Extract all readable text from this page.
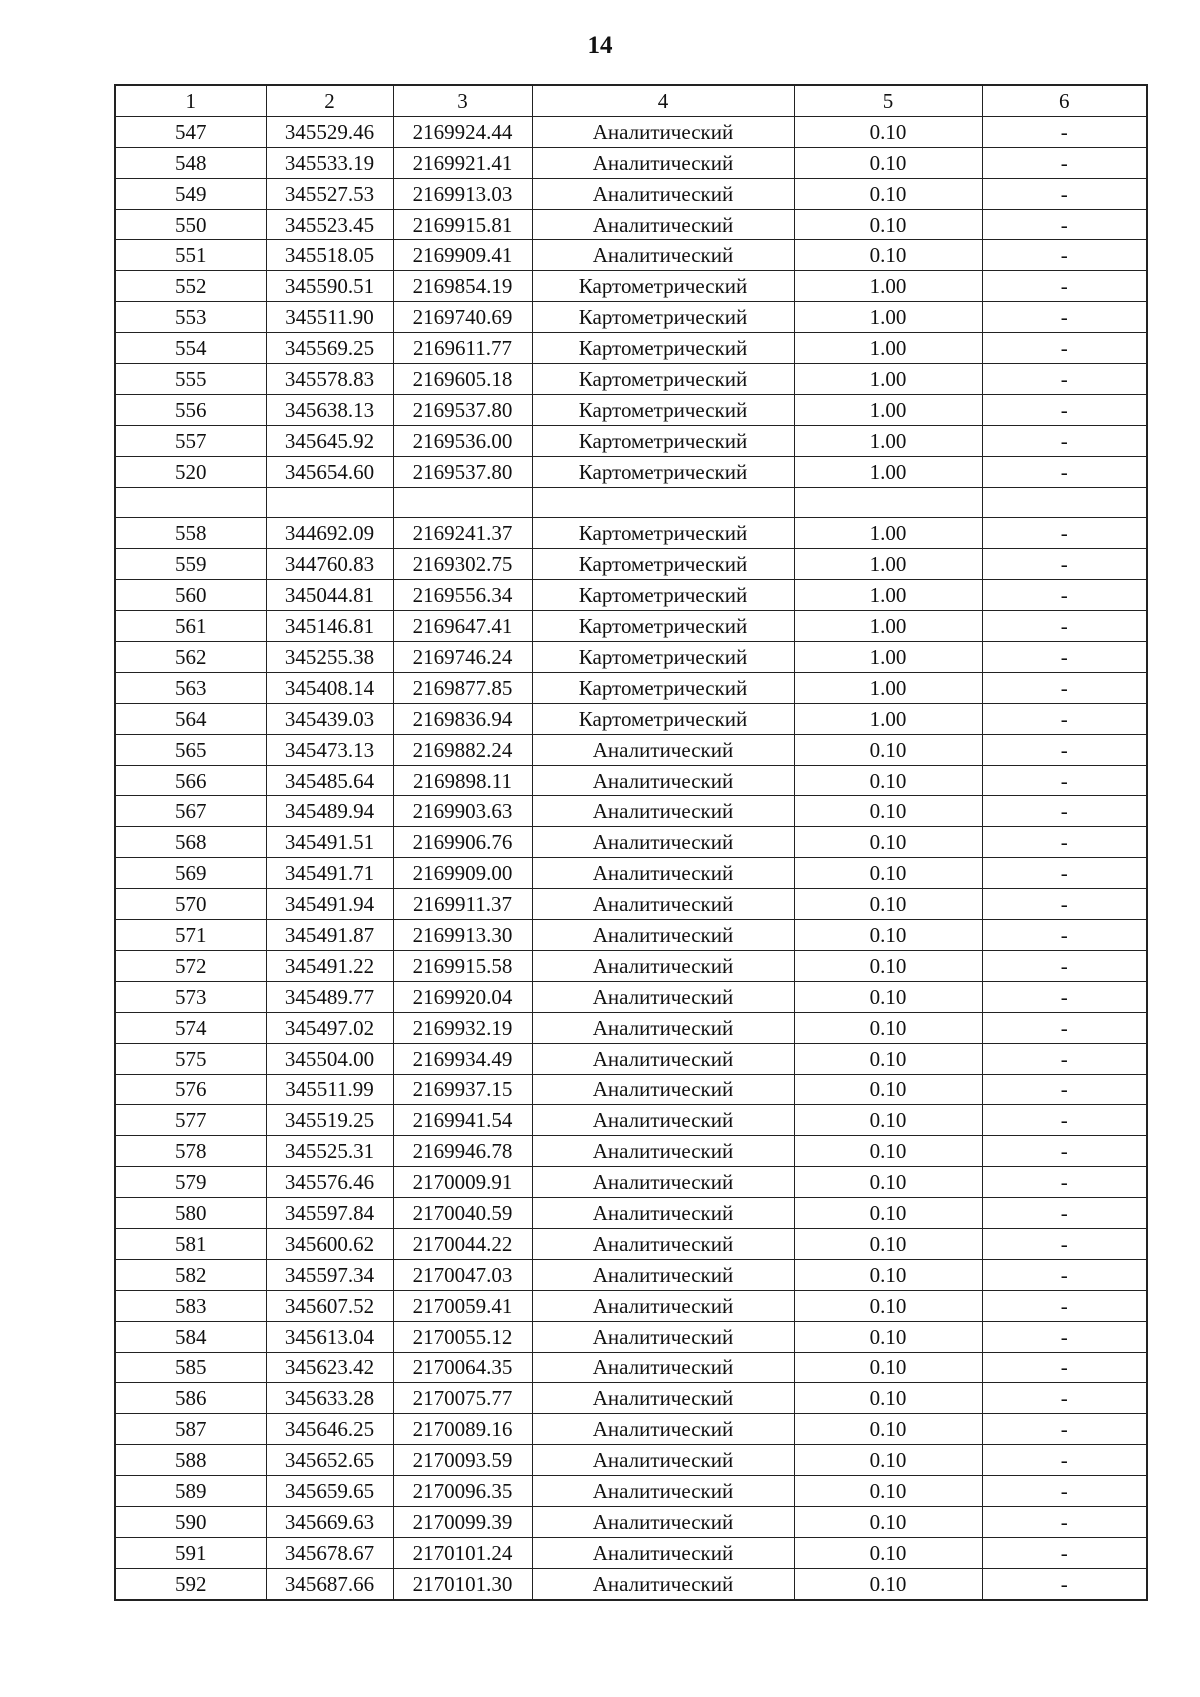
14
1	2	3	4	5	6
547	345529.46	2169924.44	Аналитический	0.10	-
548	345533.19	2169921.41	Аналитический	0.10	-
549	345527.53	2169913.03	Аналитический	0.10	-
550	345523.45	2169915.81	Аналитический	0.10	-
551	345518.05	2169909.41	Аналитический	0.10	-
552	345590.51	2169854.19	Картометрический	1.00	-
553	345511.90	2169740.69	Картометрический	1.00	-
554	345569.25	2169611.77	Картометрический	1.00	-
555	345578.83	2169605.18	Картометрический	1.00	-
556	345638.13	2169537.80	Картометрический	1.00	-
557	345645.92	2169536.00	Картометрический	1.00	-
520	345654.60	2169537.80	Картометрический	1.00	-

558	344692.09	2169241.37	Картометрический	1.00	-
559	344760.83	2169302.75	Картометрический	1.00	-
560	345044.81	2169556.34	Картометрический	1.00	-
561	345146.81	2169647.41	Картометрический	1.00	-
562	345255.38	2169746.24	Картометрический	1.00	-
563	345408.14	2169877.85	Картометрический	1.00	-
564	345439.03	2169836.94	Картометрический	1.00	-
565	345473.13	2169882.24	Аналитический	0.10	-
566	345485.64	2169898.11	Аналитический	0.10	-
567	345489.94	2169903.63	Аналитический	0.10	-
568	345491.51	2169906.76	Аналитический	0.10	-
569	345491.71	2169909.00	Аналитический	0.10	-
570	345491.94	2169911.37	Аналитический	0.10	-
571	345491.87	2169913.30	Аналитический	0.10	-
572	345491.22	2169915.58	Аналитический	0.10	-
573	345489.77	2169920.04	Аналитический	0.10	-
574	345497.02	2169932.19	Аналитический	0.10	-
575	345504.00	2169934.49	Аналитический	0.10	-
576	345511.99	2169937.15	Аналитический	0.10	-
577	345519.25	2169941.54	Аналитический	0.10	-
578	345525.31	2169946.78	Аналитический	0.10	-
579	345576.46	2170009.91	Аналитический	0.10	-
580	345597.84	2170040.59	Аналитический	0.10	-
581	345600.62	2170044.22	Аналитический	0.10	-
582	345597.34	2170047.03	Аналитический	0.10	-
583	345607.52	2170059.41	Аналитический	0.10	-
584	345613.04	2170055.12	Аналитический	0.10	-
585	345623.42	2170064.35	Аналитический	0.10	-
586	345633.28	2170075.77	Аналитический	0.10	-
587	345646.25	2170089.16	Аналитический	0.10	-
588	345652.65	2170093.59	Аналитический	0.10	-
589	345659.65	2170096.35	Аналитический	0.10	-
590	345669.63	2170099.39	Аналитический	0.10	-
591	345678.67	2170101.24	Аналитический	0.10	-
592	345687.66	2170101.30	Аналитический	0.10	-
